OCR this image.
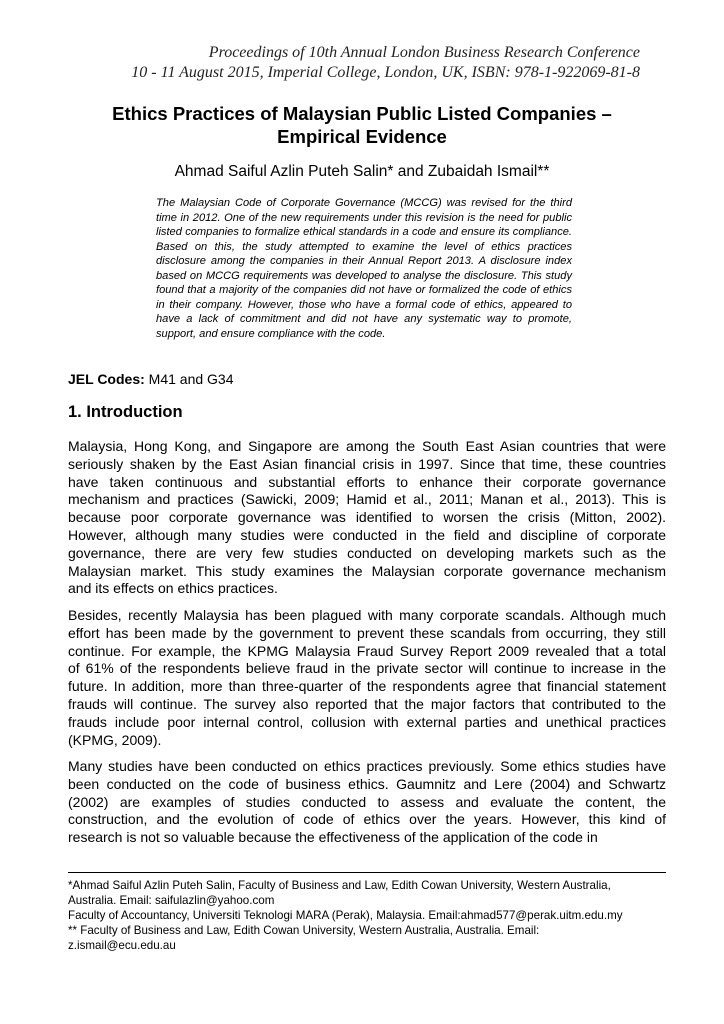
Proceedings of 10th Annual London Business Research Conference
10 - 11 August 2015, Imperial College, London, UK, ISBN: 978-1-922069-81-8
Ethics Practices of Malaysian Public Listed Companies –
Empirical Evidence
Ahmad Saiful Azlin Puteh Salin* and Zubaidah Ismail**
The Malaysian Code of Corporate Governance (MCCG) was revised for the third time in 2012. One of the new requirements under this revision is the need for public listed companies to formalize ethical standards in a code and ensure its compliance. Based on this, the study attempted to examine the level of ethics practices disclosure among the companies in their Annual Report 2013. A disclosure index based on MCCG requirements was developed to analyse the disclosure. This study found that a majority of the companies did not have or formalized the code of ethics in their company. However, those who have a formal code of ethics, appeared to have a lack of commitment and did not have any systematic way to promote, support, and ensure compliance with the code.
JEL Codes: M41 and G34
1. Introduction
Malaysia, Hong Kong, and Singapore are among the South East Asian countries that were
seriously shaken by the East Asian financial crisis in 1997. Since that time, these countries
have taken continuous and substantial efforts to enhance their corporate governance
mechanism and practices (Sawicki, 2009; Hamid et al., 2011; Manan et al., 2013). This is
because poor corporate governance was identified to worsen the crisis (Mitton, 2002).
However, although many studies were conducted in the field and discipline of corporate
governance, there are very few studies conducted on developing markets such as the
Malaysian market. This study examines the Malaysian corporate governance mechanism
and its effects on ethics practices.
Besides, recently Malaysia has been plagued with many corporate scandals. Although much
effort has been made by the government to prevent these scandals from occurring, they still
continue. For example, the KPMG Malaysia Fraud Survey Report 2009 revealed that a total
of 61% of the respondents believe fraud in the private sector will continue to increase in the
future. In addition, more than three-quarter of the respondents agree that financial statement
frauds will continue. The survey also reported that the major factors that contributed to the
frauds include poor internal control, collusion with external parties and unethical practices
(KPMG, 2009).
Many studies have been conducted on ethics practices previously. Some ethics studies have
been conducted on the code of business ethics. Gaumnitz and Lere (2004) and Schwartz
(2002) are examples of studies conducted to assess and evaluate the content, the
construction, and the evolution of code of ethics over the years. However, this kind of
research is not so valuable because the effectiveness of the application of the code in
*Ahmad Saiful Azlin Puteh Salin, Faculty of Business and Law, Edith Cowan University, Western Australia,
Australia. Email: saifulazlin@yahoo.com
Faculty of Accountancy, Universiti Teknologi MARA (Perak), Malaysia. Email:ahmad577@perak.uitm.edu.my
** Faculty of Business and Law, Edith Cowan University, Western Australia, Australia. Email:
z.ismail@ecu.edu.au
